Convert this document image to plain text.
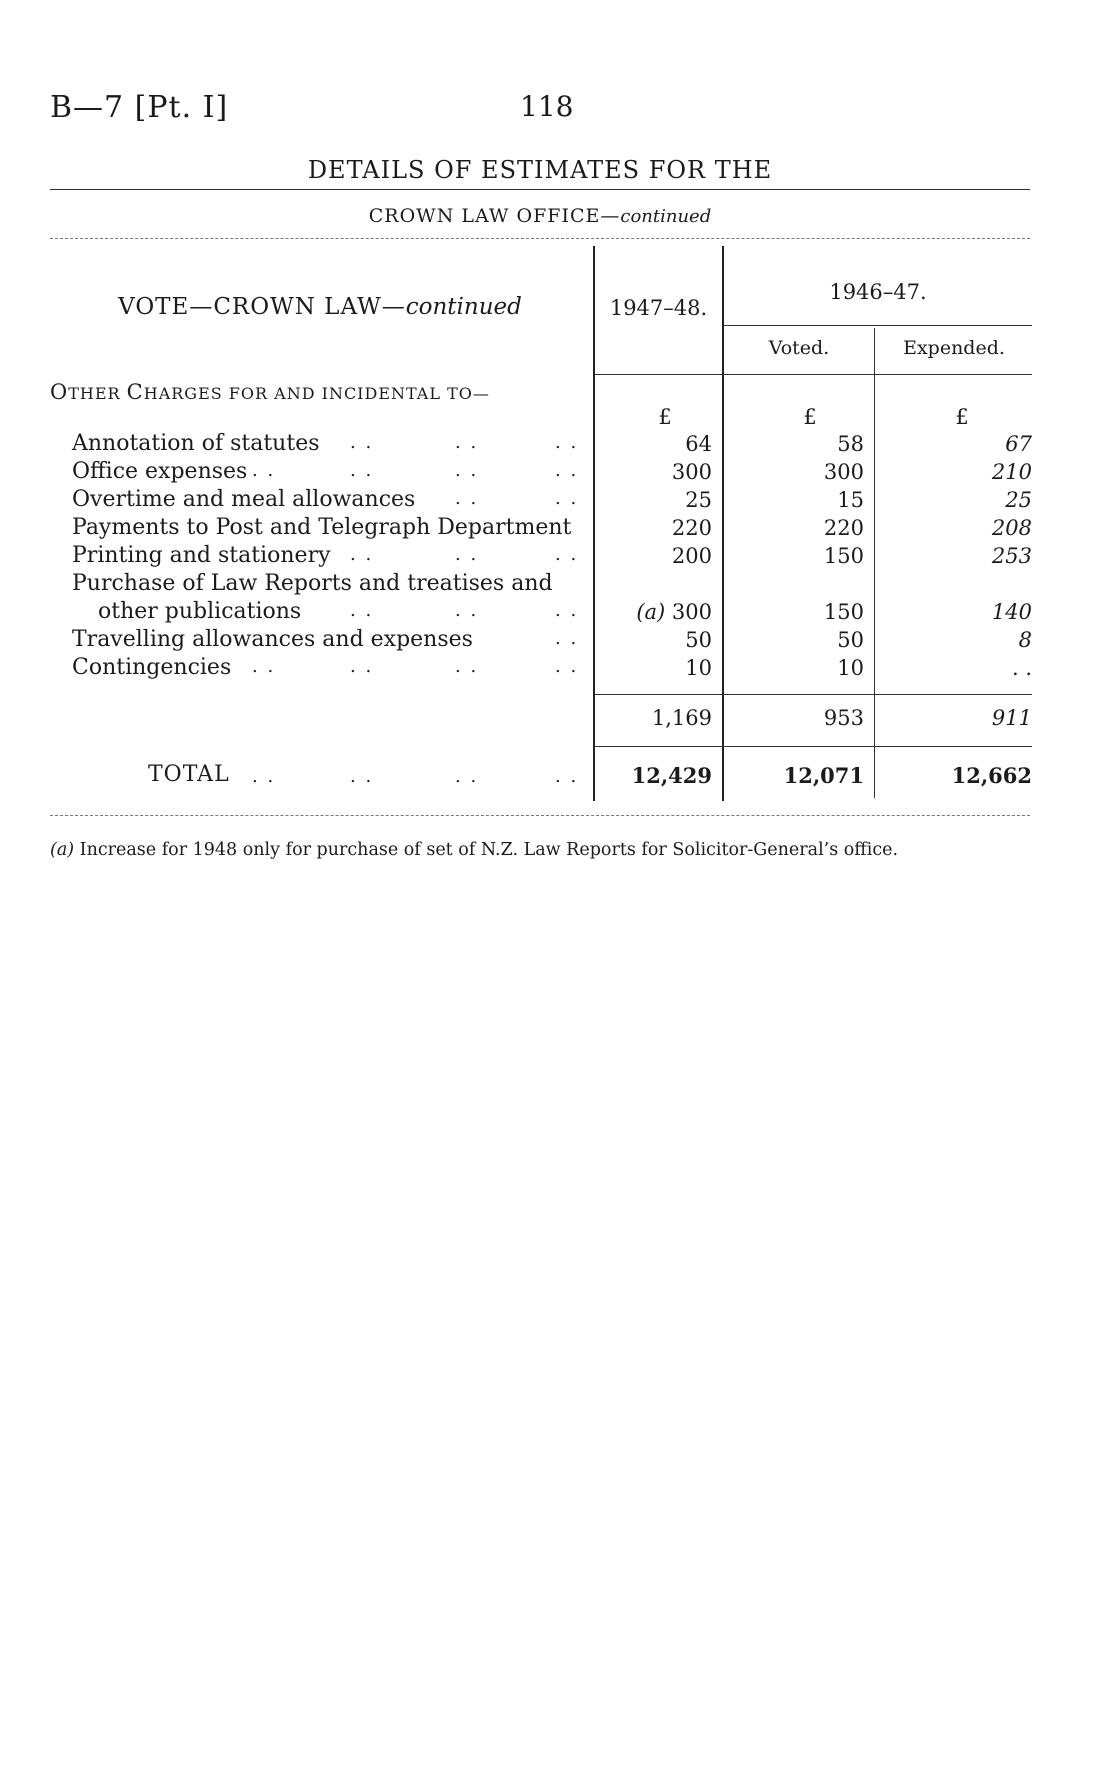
B—7 [Pt. I]	118
DETAILS OF ESTIMATES FOR THE
CROWN LAW OFFICE—continued
VOTE—CROWN LAW—continued	1947–48.
1946–47.
Voted.	Expended.
OTHER CHARGES FOR AND INCIDENTAL TO—
£	£	£
Annotation of statutes	. .	. .	. .	64	58	67
Office expenses . .	. .	. .	. .	300	300	210
Overtime and meal allowances	. .	. .	25	15	25
Payments to Post and Telegraph Department	220	220	208
Printing and stationery	. .	. .	. .	200	150	253
Purchase of Law Reports and treatises and
other publications	. .	. .	. .	(a) 300	150	140
Travelling allowances and expenses	. .	50	50	8
Contingencies	. .	. .	. .	. .	10	10	. .
1,169	953	911
TOTAL . .	. .	. .	. .	12,429	12,071	12,662
(a) Increase for 1948 only for purchase of set of N.Z. Law Reports for Solicitor-General’s office.
